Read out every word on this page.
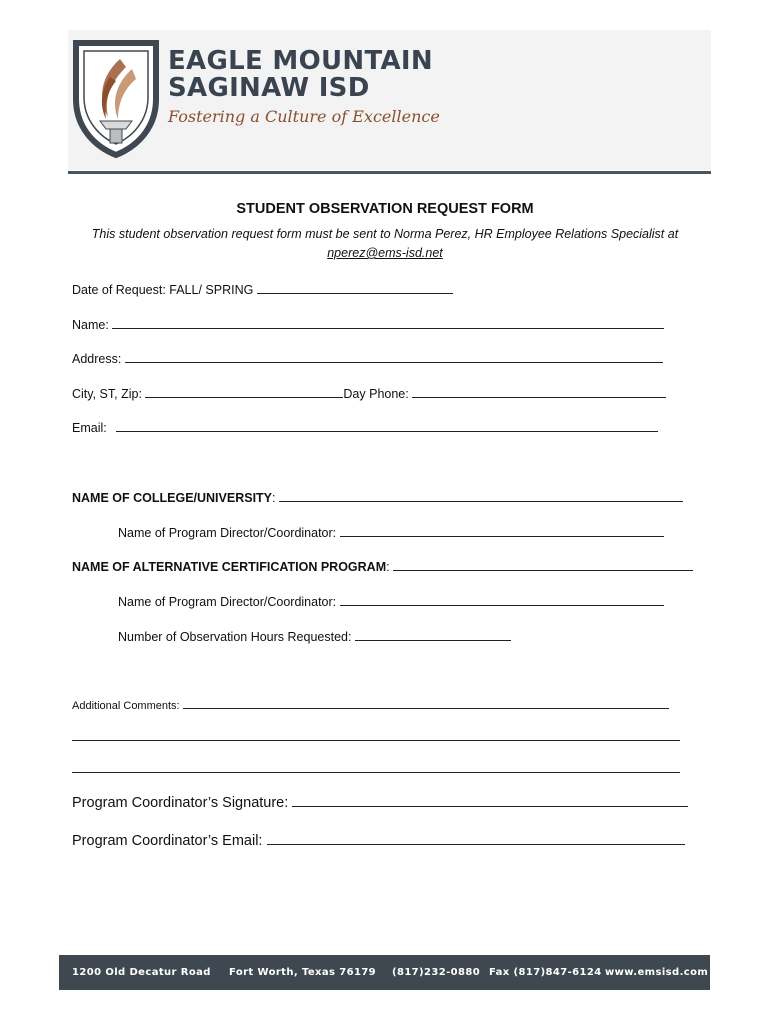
EAGLE MOUNTAIN
SAGINAW ISD
Fostering a Culture of Excellence
STUDENT OBSERVATION REQUEST FORM
This student observation request form must be sent to Norma Perez, HR Employee Relations Specialist at
nperez@ems-isd.net
Date of Request: FALL/ SPRING
Name:
Address:
City, ST, Zip:	Day Phone:
Email:
NAME OF COLLEGE/UNIVERSITY:
Name of Program Director/Coordinator:
NAME OF ALTERNATIVE CERTIFICATION PROGRAM:
Name of Program Director/Coordinator:
Number of Observation Hours Requested:
Additional Comments:
Program Coordinator’s Signature:
Program Coordinator’s Email:
1200 Old Decatur Road Fort Worth, Texas 76179 (817)232-0880 Fax (817)847-6124 www.emsisd.com
